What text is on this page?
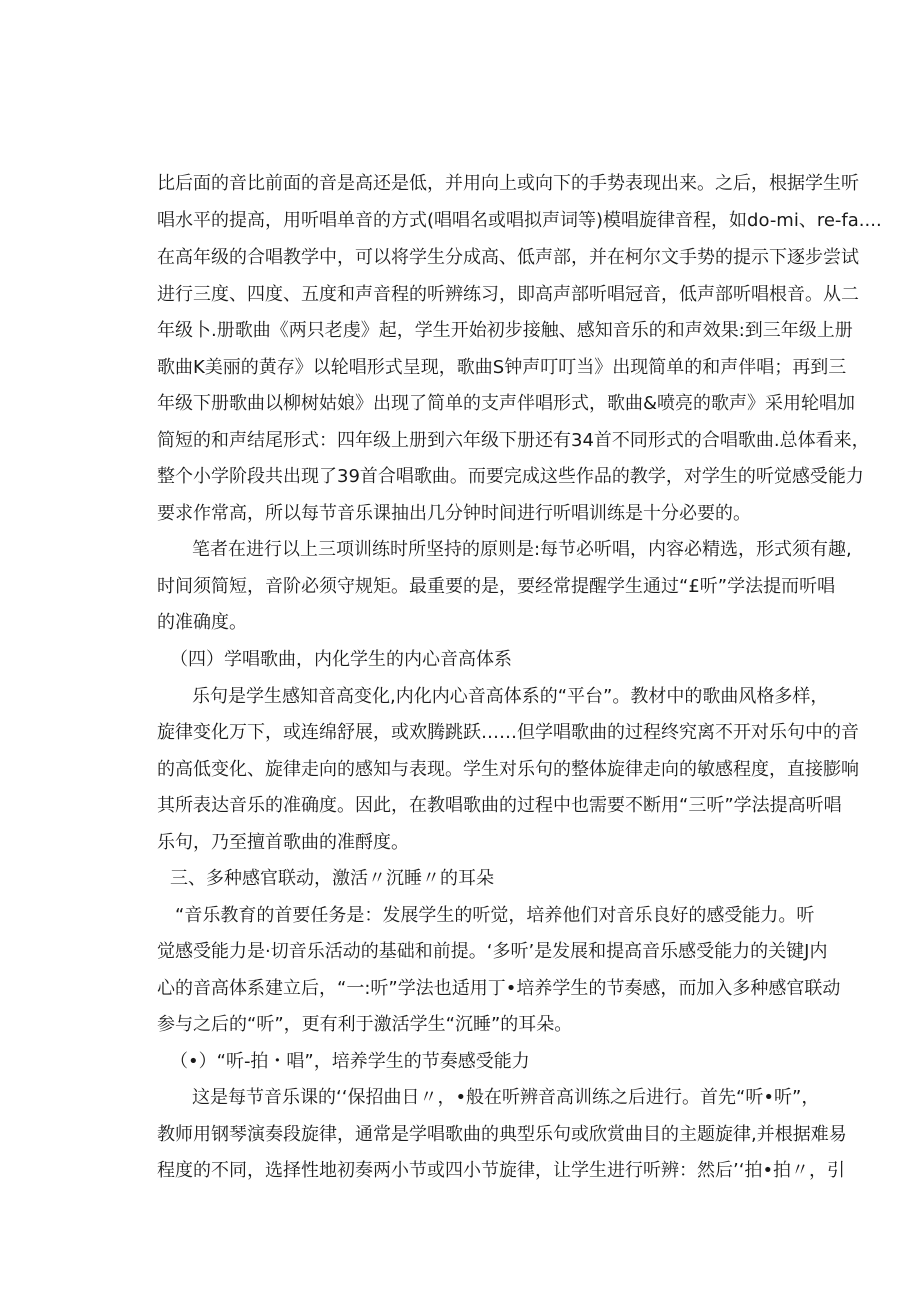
比后面的音比前面的音是高还是低，并用向上或向下的手势表现出来。之后，根据学生听
唱水平的提高，用听唱单音的方式(唱唱名或唱拟声词等)模唱旋律音程，如do-mi、re-fa....
在高年级的合唱教学中，可以将学生分成高、低声部，并在柯尔文手势的提示下逐步尝试
进行三度、四度、五度和声音程的听辨练习，即高声部听唱冠音，低声部听唱根音。从二
年级卜.册歌曲《两只老虔》起，学生开始初步接触、感知音乐的和声效果:到三年级上册
歌曲K美丽的黄存》以轮唱形式呈现，歌曲S钟声叮叮当》出现简单的和声伴唱；再到三
年级下册歌曲以柳树姑娘》出现了简单的支声伴唱形式，歌曲&喷亮的歌声》采用轮唱加
简短的和声结尾形式：四年级上册到六年级下册还有34首不同形式的合唱歌曲.总体看来，
整个小学阶段共出现了39首合唱歌曲。而要完成这些作品的教学，对学生的听觉感受能力
要求作常高，所以每节音乐课抽出几分钟时间进行听唱训练是十分必要的。
笔者在进行以上三项训练时所坚持的原则是:每节必听唱，内容必精选，形式须有趣,
时间须简短，音阶必须守规矩。最重要的是，要经常提醒学生通过“£听”学法提而听唱
的准确度。
（四）学唱歌曲，内化学生的内心音高体系
乐句是学生感知音高变化,内化内心音高体系的“平台”。教材中的歌曲风格多样，
旋律变化万下，或连绵舒展，或欢腾跳跃……但学唱歌曲的过程终究离不开对乐句中的音
的高低变化、旋律走向的感知与表现。学生对乐句的整体旋律走向的敏感程度，直接膨响
其所表达音乐的准确度。因此，在教唱歌曲的过程中也需要不断用“三听”学法提高听唱
乐句，乃至擅首歌曲的准酹度。
三、多种感官联动，激活〃沉睡〃的耳朵
“音乐教育的首要任务是：发展学生的听觉，培养他们对音乐良好的感受能力。听
觉感受能力是·切音乐活动的基础和前提。‘多听’是发展和提高音乐感受能力的关键J内
心的音高体系建立后，“一:听”学法也适用丁•培养学生的节奏感，而加入多种感官联动
参与之后的“听”，更有利于激活学生“沉睡”的耳朵。
（•）“听-拍・唱”，培养学生的节奏感受能力
这是每节音乐课的‘‘保招曲日〃，•般在听辨音高训练之后进行。首先“听•听”，
教师用钢琴演奏段旋律，通常是学唱歌曲的典型乐句或欣赏曲目的主题旋律,并根据难易
程度的不同，选择性地初奏两小节或四小节旋律，让学生进行听辨：然后’‘拍•拍〃，引
